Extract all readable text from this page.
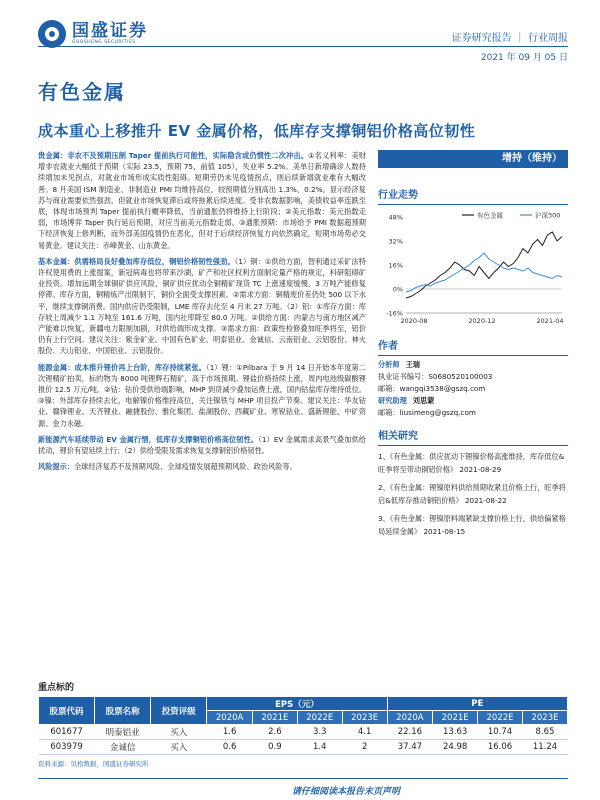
国盛证券
GUOSHENG SECURITIES	证券研究报告 ｜ 行业周报
2021 年 09 月 05 日
有色金属
成本重心上移推升 EV 金属价格，低库存支撑铜铝价格高位韧性

贵金属：非农不及预期压制 Taper 提前执行可能性，实际隐含或仍惯性二次冲击。①名义利率：美财增非农就业大幅低于预期（实际 23.5，预期 75，前值 105），失业率 5.2%。美单日新增确诊人数持续增加未见拐点，对就业市场形成实质性阻碍。短期劳仍未见疫情拐点，则后续新增就业难有大幅改善。8 月美国 ISM 制造业、非制造业 PMI 均维持高位，较预期值分别高出 1.3%、0.2%。显示经济复苏与商业需要依然强劲，但就业市场恢复滞后或将拖累后续进度。受非农数据影响，美债收益率连跌至底，体现市场预判 Taper 提前执行概率降低，当前通胀仍将维持上行阶段；②美元指数：美元指数走弱，市场博弈 Taper 执行延后预期，对应当前美元指数走弱。③通胀预期：市场给予 PMI 数据超预期下经济恢复上修判断，而外部美国疫情仍在恶化，但对于后续经济恢复方向依然确定，短期市场势必交易黄金。建议关注：赤峰黄金、山东黄金。

基本金属：供需格局良好叠加库存低位，铜铝价格韧性强劲。（1）铜：①供给方面，智利通过采矿法特许权使用费的上涨提案，新冠病毒也将带来沙湖，矿产和社区权利方面制定量产格的规定，科研阻碍矿业投资。增加远期全球铜矿供应风险，铜矿供应扰动全铜精矿现货 TC 上涨速度缓慢，3 万吨产能修复停滞。库存方面，铜精炼产出限制下，铜价全面受支撑因素。②需求方面：铜精废价差仍处 500 以下水平，继续支撑铜消费。国内供应仍受限制，LME 库存去化至 4 月末 27 万吨。（2）铝：①库存方面：库存较上周减少 1.1 万吨至 161.6 万吨，国内社库降至 80.0 万吨。②供给方面：内蒙古与南方地区减产产能难以恢复，新疆电力限制加剧，对供给端形成支撑。③需求方面：政策性检修叠加旺季将至，铝价仍有上行空间。建议关注：紫金矿业、中国有色矿业、明泰铝业、金诚信、云南铝业、云铝股份、神火股份、天山铝业、中国铝业、云铝股份。

能源金属：成本推升锂价再上台阶，库存持续紧张。（1）锂：①Pilbara 于 9 月 14 日开始本年度第二次锂精矿拍卖，标的物为 8000 吨锂辉石精矿，高于市场预期。锂盐价格持续上涨，周内电池级碳酸锂报价 12.5 万元/吨。②钴：钴价受供给端影响，MHP 到货减少叠加运费上涨，国内钴盐库存维持低位。③镍：外部库存持续去化，电解镍价格维持高位，关注镍铁与 MHP 项目投产节奏。建议关注：华友钴业、赣锋锂业、天齐锂业、融捷股份、雅化集团、盐湖股份、西藏矿业、寒锐钴业、盛新锂能、中矿资源、金力永磁。

新能源汽车延续带动 EV 金属行情，低库存支撑铜铝价格高位韧性。（1）EV 金属需求高景气叠加供给扰动，锂价有望延续上行；（2）供给受限及需求恢复支撑铜铝价格韧性。

风险提示：全球经济复苏不及预期风险、全球疫情发展超预期风险、政治风险等。

增持（维持）
行业走势
48%
32%
16%
0%
-16%
2020-08	2020-12	2021-04
有色金属	沪深300
作者
分析师 王瑞
执业证书编号：S0680520100003
邮箱：wangqi3538@gszq.com
研究助理 刘思蒙
邮箱：liusimeng@gszq.com
相关研究
1、《有色金属：供应扰动下锂镍价格高涨维持，库存低位&旺季将至带动铜铝价格》 2021-08-29
2、《有色金属：锂镍原料供给预期收紧且价格上行，旺季将启&低库存推动铜铝价格》 2021-08-22
3、《有色金属：锂镍原料端紧缺支撑价格上行，供给偏紧格局延续金属》 2021-08-15
重点标的
股票代码	股票名称	投资评级	EPS（元）				PE			
			2020A	2021E	2022E	2023E	2020A	2021E	2022E	2023E
601677	明泰铝业	买入	1.6	2.6	3.3	4.1	22.16	13.63	10.74	8.65
603979	金诚信	买入	0.6	0.9	1.4	2	37.47	24.98	16.06	11.24
资料来源：贝格数据，国盛证券研究所
请仔细阅读本报告末页声明
